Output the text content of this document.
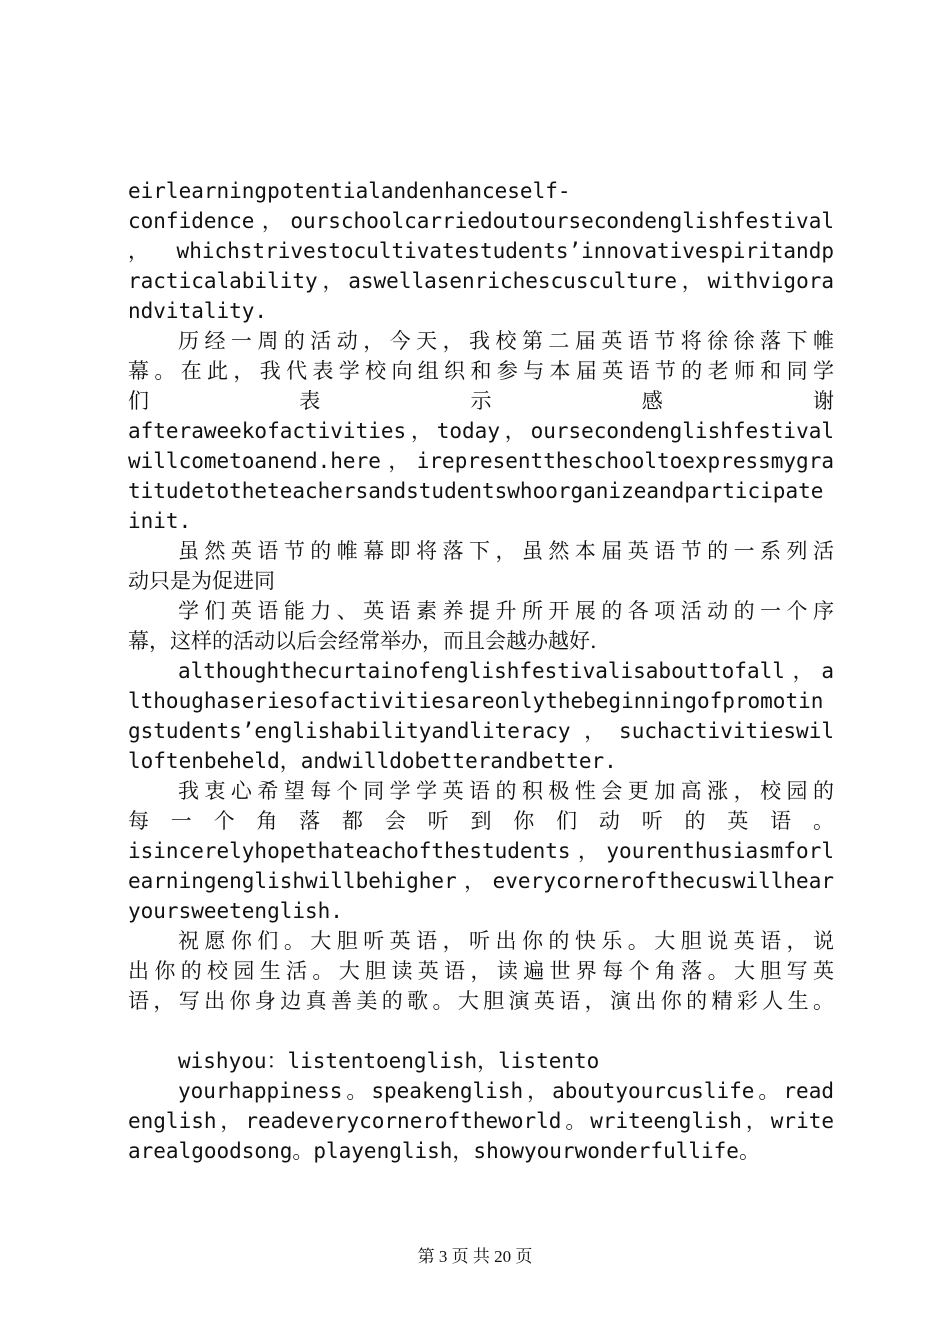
eirlearningpotentialandenhanceself-
confidence，ourschoolcarriedoutoursecondenglishfestival
，whichstrivestocultivatestudents’innovativespiritandp
racticalability，aswellasenrichescusculture，withvigora
ndvitality.
历经一周的活动，今天，我校第二届英语节将徐徐落下帷
幕。在此，我代表学校向组织和参与本届英语节的老师和同学
们　　表　　示　　感　　谢
afteraweekofactivities，today，oursecondenglishfestival
willcometoanend.here，irepresenttheschooltoexpressmygra
titudetotheteachersandstudentswhoorganizeandparticipate
init.
虽然英语节的帷幕即将落下，虽然本届英语节的一系列活
动只是为促进同
学们英语能力、英语素养提升所开展的各项活动的一个序
幕，这样的活动以后会经常举办，而且会越办越好.
althoughthecurtainofenglishfestivalisabouttofall，a
lthoughaseriesofactivitiesareonlythebeginningofpromotin
gstudents’englishabilityandliteracy，suchactivitieswil
loftenbeheld，andwilldobetterandbetter.
我衷心希望每个同学学英语的积极性会更加高涨，校园的
每一个角落都会听到你们动听的英语。
isincerelyhopethateachofthestudents，yourenthusiasmforl
earningenglishwillbehigher，everycornerofthecuswillhear
yoursweetenglish.
祝愿你们。大胆听英语，听出你的快乐。大胆说英语，说
出你的校园生活。大胆读英语，读遍世界每个角落。大胆写英
语，写出你身边真善美的歌。大胆演英语，演出你的精彩人生。
wishyou：listentoenglish，listento
yourhappiness。speakenglish，aboutyourcuslife。read
english，readeverycorneroftheworld。writeenglish，write
arealgoodsong。playenglish，showyourwonderfullife。
第 3 页 共 20 页
